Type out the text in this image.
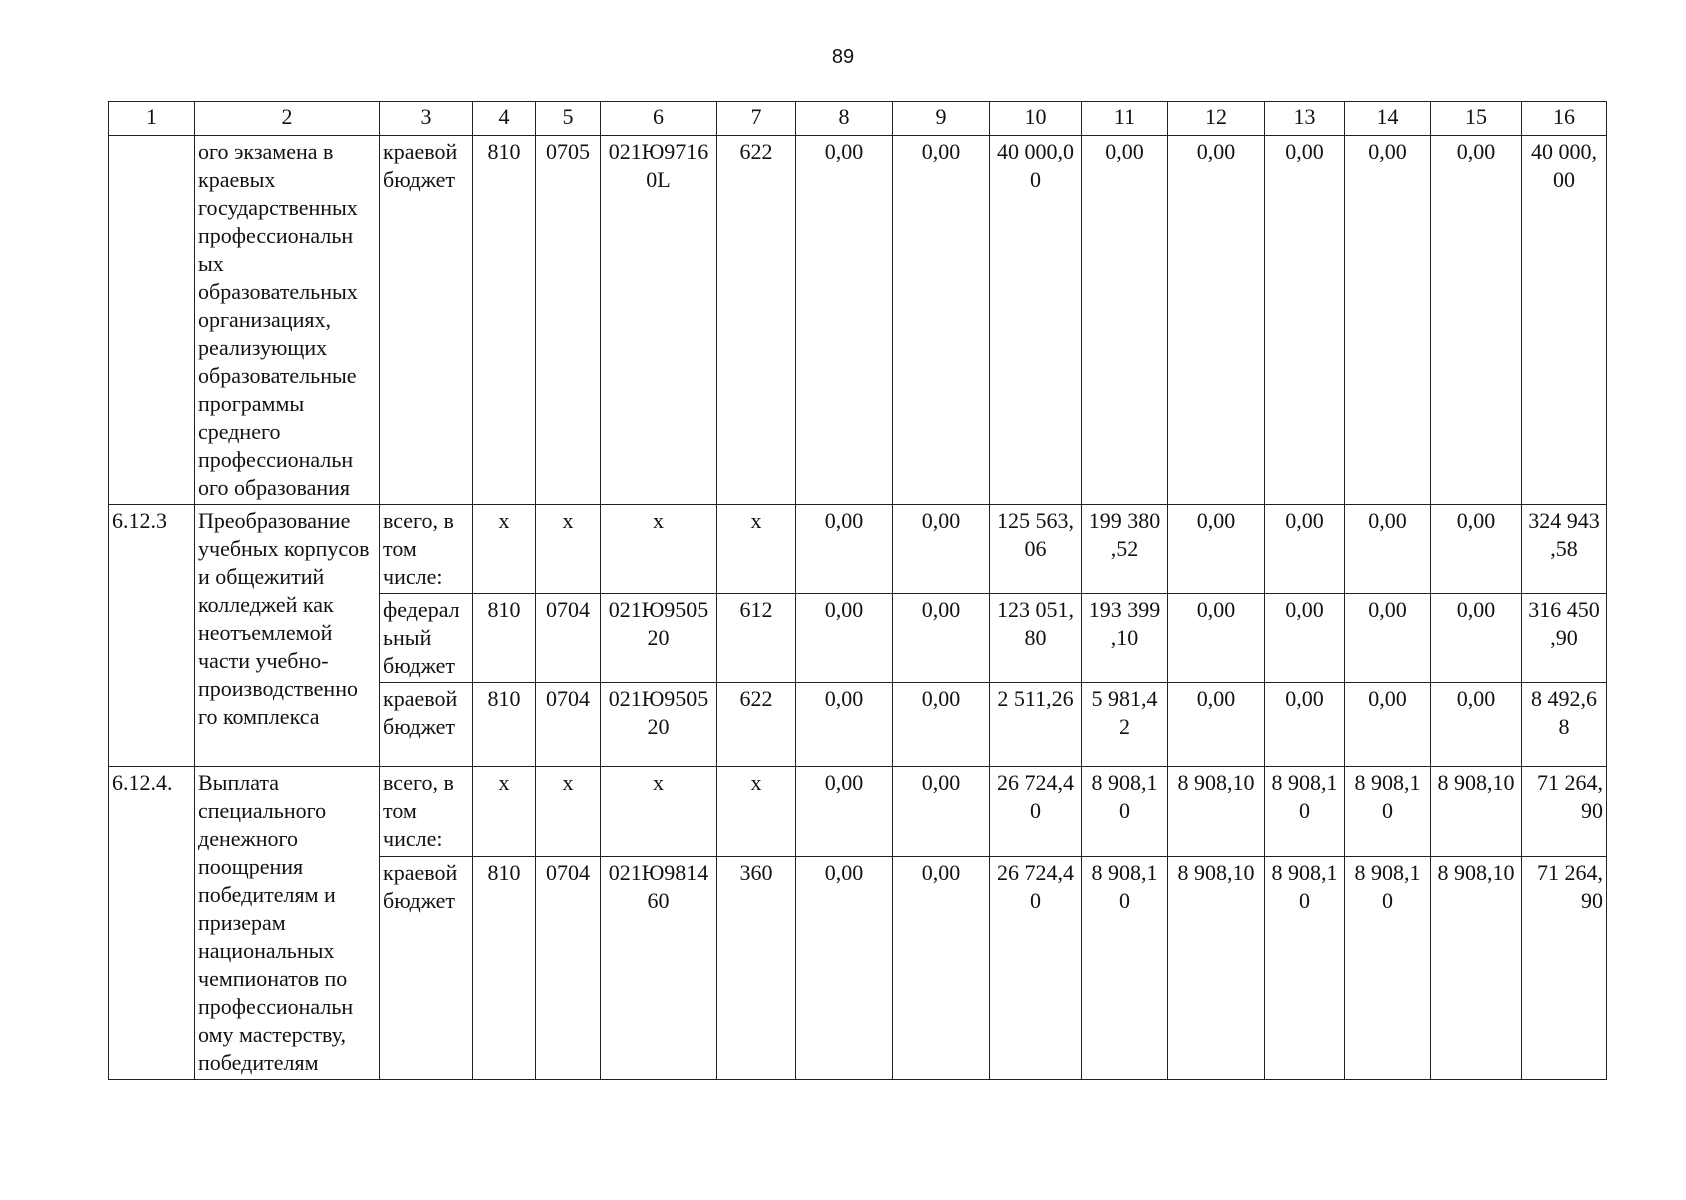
89
1	2	3	4	5	6	7	8	9	10	11	12	13	14	15	16
	ого экзамена в краевых государственных профессиональн ых образовательных организациях, реализующих образовательные программы среднего профессиональн ого образования	краевой бюджет	810	0705	021Ю9716 0L	622	0,00	0,00	40 000,0 0	0,00	0,00	0,00	0,00	0,00	40 000, 00
6.12.3	Преобразование учебных корпусов и общежитий колледжей как неотъемлемой части учебно- производственно го комплекса	всего, в том числе:	х	х	х	х	0,00	0,00	125 563, 06	199 380 ,52	0,00	0,00	0,00	0,00	324 943 ,58
		федерал ьный бюджет	810	0704	021Ю9505 20	612	0,00	0,00	123 051, 80	193 399 ,10	0,00	0,00	0,00	0,00	316 450 ,90
		краевой бюджет	810	0704	021Ю9505 20	622	0,00	0,00	2 511,26	5 981,4 2	0,00	0,00	0,00	0,00	8 492,6 8
6.12.4.	Выплата специального денежного поощрения победителям и призерам национальных чемпионатов по профессиональн ому мастерству, победителям	всего, в том числе:	х	х	х	х	0,00	0,00	26 724,4 0	8 908,1 0	8 908,10	8 908,1 0	8 908,1 0	8 908,10	71 264, 90
		краевой бюджет	810	0704	021Ю9814 60	360	0,00	0,00	26 724,4 0	8 908,1 0	8 908,10	8 908,1 0	8 908,1 0	8 908,10	71 264, 90
